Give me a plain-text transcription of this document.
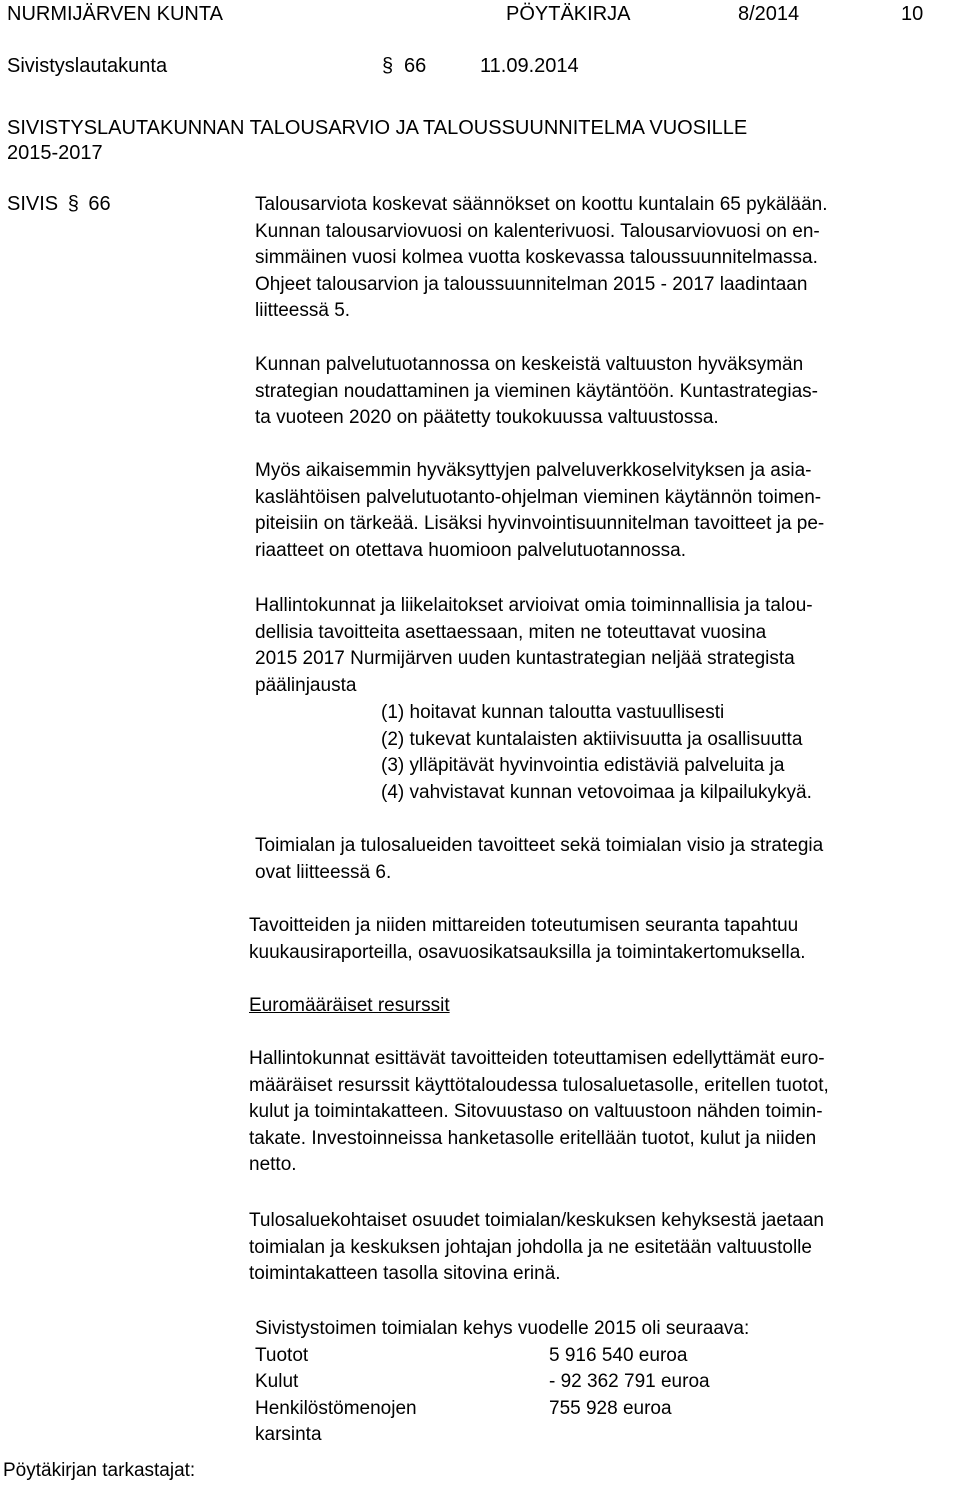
NURMIJÄRVEN KUNTA	PÖYTÄKIRJA	8/2014	10
Sivistyslautakunta	§ 66	11.09.2014
SIVISTYSLAUTAKUNNAN TALOUSARVIO JA TALOUSSUUNNITELMA VUOSILLE
2015-2017
SIVIS § 66	Talousarviota koskevat säännökset on koottu kuntalain 65 pykälään.
Kunnan talousarviovuosi on kalenterivuosi. Talousarviovuosi on en-
simmäinen vuosi kolmea vuotta koskevassa taloussuunnitelmassa.
Ohjeet talousarvion ja taloussuunnitelman 2015 - 2017 laadintaan
liitteessä 5.
Kunnan palvelutuotannossa on keskeistä valtuuston hyväksymän
strategian noudattaminen ja vieminen käytäntöön. Kuntastrategias-
ta vuoteen 2020 on päätetty toukokuussa valtuustossa.
Myös aikaisemmin hyväksyttyjen palveluverkkoselvityksen ja asia-
kaslähtöisen palvelutuotanto-ohjelman vieminen käytännön toimen-
piteisiin on tärkeää. Lisäksi hyvinvointisuunnitelman tavoitteet ja pe-
riaatteet on otettava huomioon palvelutuotannossa.
Hallintokunnat ja liikelaitokset arvioivat omia toiminnallisia ja talou-
dellisia tavoitteita asettaessaan, miten ne toteuttavat vuosina
2015 2017 Nurmijärven uuden kuntastrategian neljää strategista
päälinjausta
(1) hoitavat kunnan taloutta vastuullisesti
(2) tukevat kuntalaisten aktiivisuutta ja osallisuutta
(3) ylläpitävät hyvinvointia edistäviä palveluita ja
(4) vahvistavat kunnan vetovoimaa ja kilpailukykyä.
Toimialan ja tulosalueiden tavoitteet sekä toimialan visio ja strategia
ovat liitteessä 6.
Tavoitteiden ja niiden mittareiden toteutumisen seuranta tapahtuu
kuukausiraporteilla, osavuosikatsauksilla ja toimintakertomuksella.
Euromääräiset resurssit
Hallintokunnat esittävät tavoitteiden toteuttamisen edellyttämät euro-
määräiset resurssit käyttötaloudessa tulosaluetasolle, eritellen tuotot,
kulut ja toimintakatteen. Sitovuustaso on valtuustoon nähden toimin-
takate. Investoinneissa hanketasolle eritellään tuotot, kulut ja niiden
netto.
Tulosaluekohtaiset osuudet toimialan/keskuksen kehyksestä jaetaan
toimialan ja keskuksen johtajan johdolla ja ne esitetään valtuustolle
toimintakatteen tasolla sitovina erinä.
Sivistystoimen toimialan kehys vuodelle 2015 oli seuraava:
Tuotot	5 916 540 euroa
Kulut	- 92 362 791 euroa
Henkilöstömenojen	755 928 euroa
karsinta
Pöytäkirjan tarkastajat:
